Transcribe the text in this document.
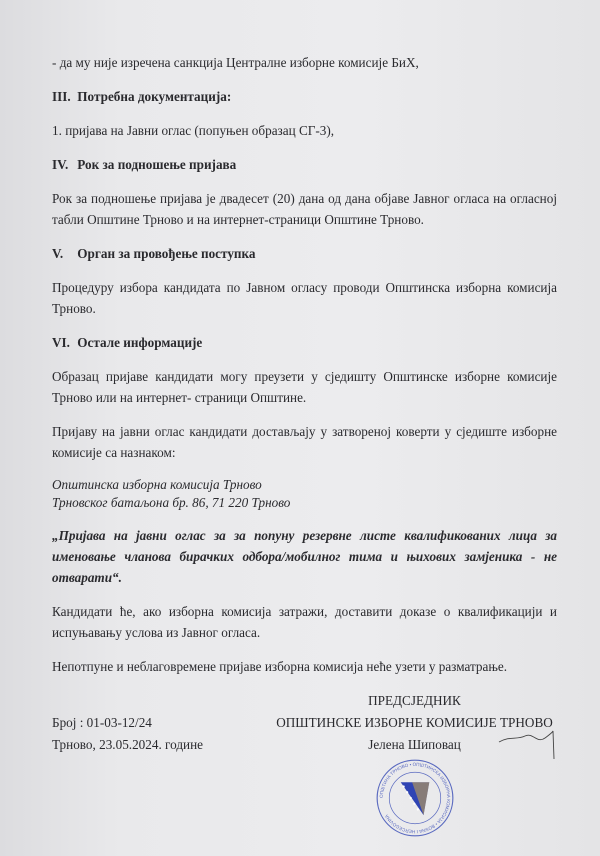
- да му није изречена санкција Централне изборне комисије БиХ,
III. Потребна документација:
1. пријава на Јавни оглас (попуњен образац СГ-3),
IV. Рок за подношење пријава
Рок за подношење пријава је двадесет (20) дана од дана објаве Јавног огласа на огласној табли Општине Трново и на интернет-страници Општине Трново.
V. Орган за провођење поступка
Процедуру избора кандидата по Јавном огласу проводи Општинска изборна комисија Трново.
VI. Остале информације
Образац пријаве кандидати могу преузети у сједишту Општинске изборне комисије Трново или на интернет- страници Општине.
Пријаву на јавни оглас кандидати достављају у затвореној коверти у сједиште изборне комисије са назнаком:
Општинска изборна комисија Трново
Трновског батаљона бр. 86, 71 220 Трново
„Пријава на јавни оглас за за попуну резервне листе квалификованих лица за именовање чланова бирачких одбора/мобилног тима и њихових замјеника - не отварати“.
Кандидати ће, ако изборна комисија затражи, доставити доказе о квалификацији и испуњавању услова из Јавног огласа.
Непотпуне и неблаговремене пријаве изборна комисија неће узети у разматрање.
Број : 01-03-12/24
Трново, 23.05.2024. године
ПРЕДСЈЕДНИК
ОПШТИНСКЕ ИЗБОРНЕ КОМИСИЈЕ ТРНОВО
Јелена Шиповац
ОПШТИНА ТРНОВО • ОПШТИНСКА ИЗБОРНА КОМИСИЈА • BOSNA I HERCEGOVINA
